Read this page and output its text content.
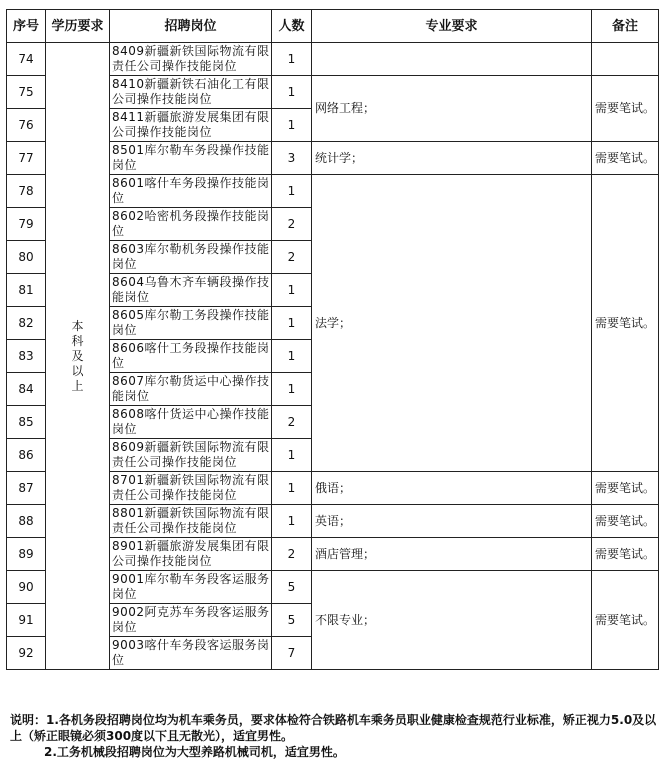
序号	学历要求	招聘岗位	人数	专业要求	备注
74	本科及以上	8409新疆新铁国际物流有限责任公司操作技能岗位	1		
75		8410新疆新铁石油化工有限公司操作技能岗位	1	网络工程；	需要笔试。
76		8411新疆旅游发展集团有限公司操作技能岗位	1		
77		8501库尔勒车务段操作技能岗位	3	统计学；	需要笔试。
78		8601喀什车务段操作技能岗位	1	法学；	需要笔试。
79		8602哈密机务段操作技能岗位	2		
80		8603库尔勒机务段操作技能岗位	2		
81		8604乌鲁木齐车辆段操作技能岗位	1		
82		8605库尔勒工务段操作技能岗位	1		
83		8606喀什工务段操作技能岗位	1		
84		8607库尔勒货运中心操作技能岗位	1		
85		8608喀什货运中心操作技能岗位	2		
86		8609新疆新铁国际物流有限责任公司操作技能岗位	1		
87		8701新疆新铁国际物流有限责任公司操作技能岗位	1	俄语；	需要笔试。
88		8801新疆新铁国际物流有限责任公司操作技能岗位	1	英语；	需要笔试。
89		8901新疆旅游发展集团有限公司操作技能岗位	2	酒店管理；	需要笔试。
90		9001库尔勒车务段客运服务岗位	5	不限专业；	需要笔试。
91		9002阿克苏车务段客运服务岗位	5		
92		9003喀什车务段客运服务岗位	7		
说明：1.各机务段招聘岗位均为机车乘务员，要求体检符合铁路机车乘务员职业健康检查规范行业标准，矫正视力5.0及以上（矫正眼镜必须300度以下且无散光），适宜男性。
2.工务机械段招聘岗位为大型养路机械司机，适宜男性。
